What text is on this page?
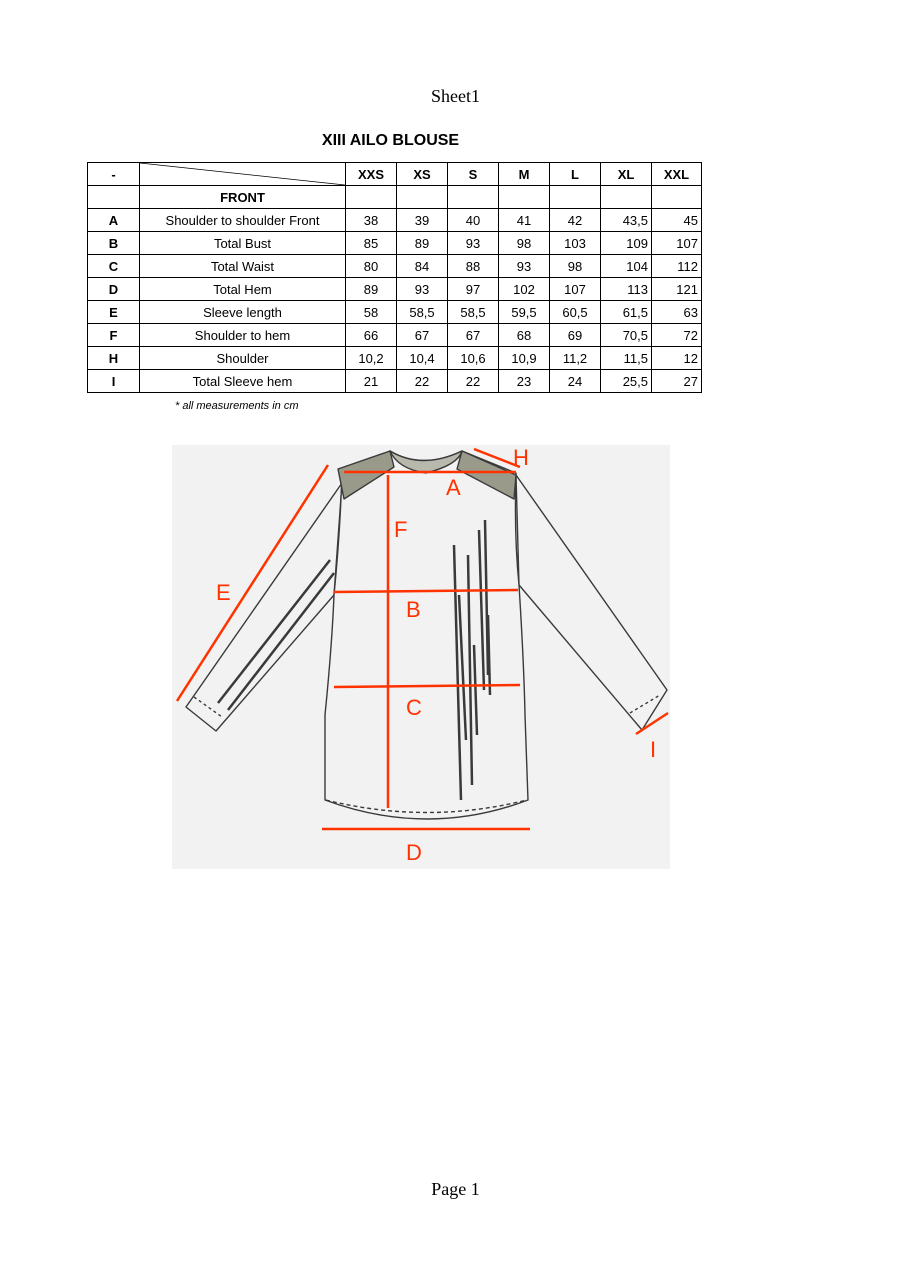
Sheet1
XIII AILO BLOUSE
-		XXS	XS	S	M	L	XL	XXL
	FRONT							
A	Shoulder to shoulder Front	38	39	40	41	42	43,5	45
B	Total Bust	85	89	93	98	103	109	107
C	Total Waist	80	84	88	93	98	104	112
D	Total Hem	89	93	97	102	107	113	121
E	Sleeve length	58	58,5	58,5	59,5	60,5	61,5	63
F	Shoulder to hem	66	67	67	68	69	70,5	72
H	Shoulder	10,2	10,4	10,6	10,9	11,2	11,5	12
I	Total Sleeve hem	21	22	22	23	24	25,5	27
* all measurements in cm
A
B
C
D
E
F
H
I
Page 1
